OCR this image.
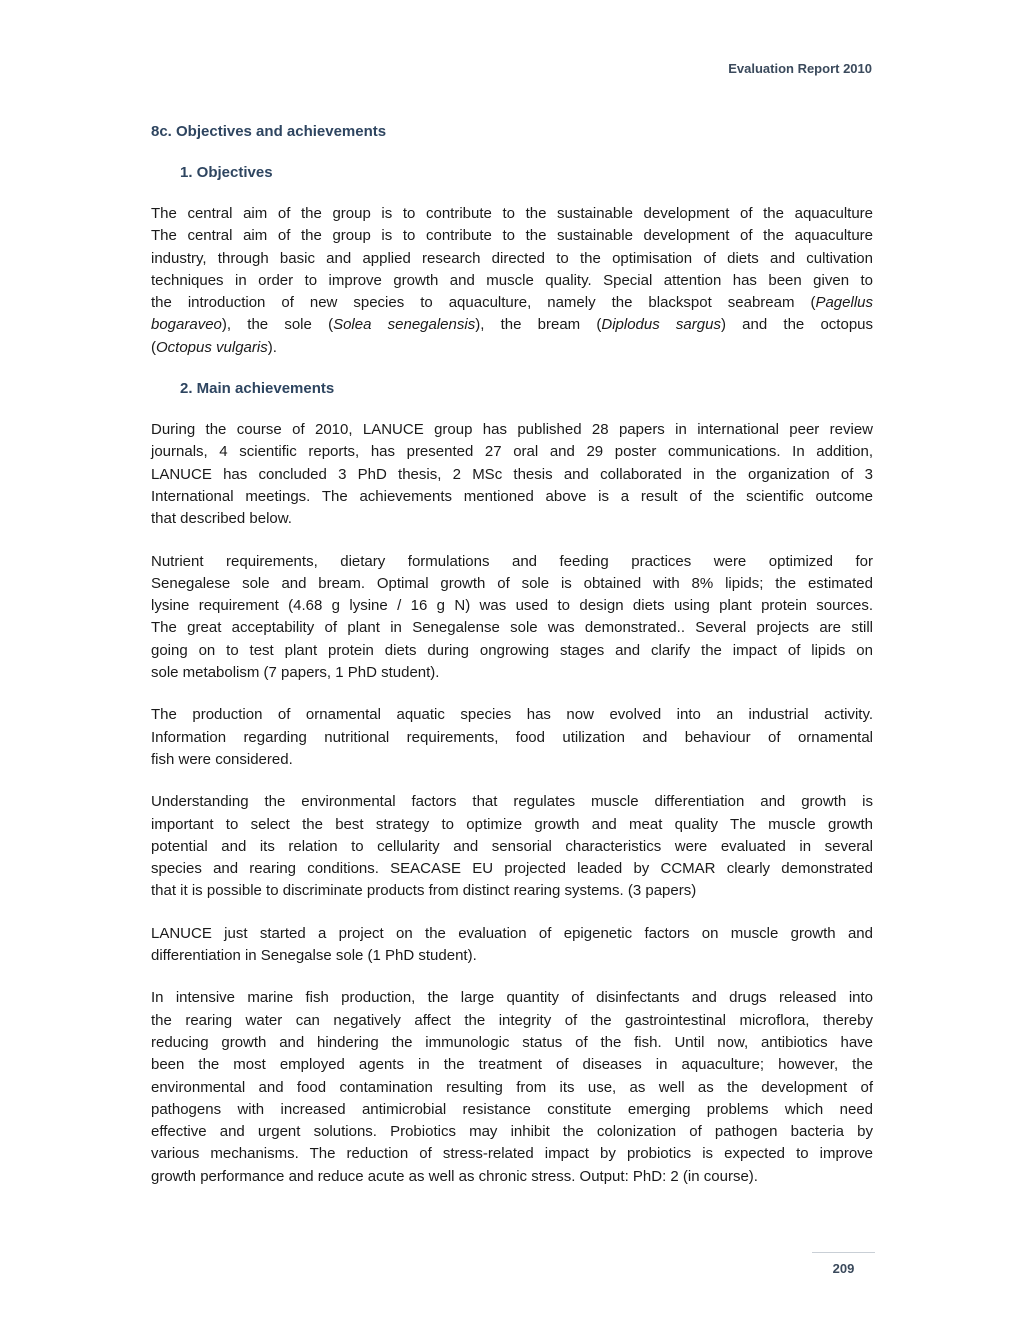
Evaluation Report 2010
8c. Objectives and achievements
1. Objectives
The central aim of the group is to contribute to the sustainable development of the aquaculture
The central aim of the group is to contribute to the sustainable development of the aquaculture
industry, through basic and applied research directed to the optimisation of diets and cultivation
techniques in order to improve growth and muscle quality. Special attention has been given to
the introduction of new species to aquaculture, namely the blackspot seabream (Pagellus
bogaraveo), the sole (Solea senegalensis), the bream (Diplodus sargus) and the octopus
(Octopus vulgaris).
2. Main achievements
During the course of 2010, LANUCE group has published 28 papers in international peer review
journals, 4 scientific reports, has presented 27 oral and 29 poster communications. In addition,
LANUCE has concluded 3 PhD thesis, 2 MSc thesis and collaborated in the organization of 3
International meetings. The achievements mentioned above is a result of the scientific outcome
that described below.
Nutrient requirements, dietary formulations and feeding practices were optimized for
Senegalese sole and bream. Optimal growth of sole is obtained with 8% lipids; the estimated
lysine requirement (4.68 g lysine / 16 g N) was used to design diets using plant protein sources.
The great acceptability of plant in Senegalense sole was demonstrated.. Several projects are still
going on to test plant protein diets during ongrowing stages and clarify the impact of lipids on
sole metabolism (7 papers, 1 PhD student).
The production of ornamental aquatic species has now evolved into an industrial activity.
Information regarding nutritional requirements, food utilization and behaviour of ornamental
fish were considered.
Understanding the environmental factors that regulates muscle differentiation and growth is
important to select the best strategy to optimize growth and meat quality The muscle growth
potential and its relation to cellularity and sensorial characteristics were evaluated in several
species and rearing conditions. SEACASE EU projected leaded by CCMAR clearly demonstrated
that it is possible to discriminate products from distinct rearing systems. (3 papers)
LANUCE just started a project on the evaluation of epigenetic factors on muscle growth and
differentiation in Senegalse sole (1 PhD student).
In intensive marine fish production, the large quantity of disinfectants and drugs released into
the rearing water can negatively affect the integrity of the gastrointestinal microflora, thereby
reducing growth and hindering the immunologic status of the fish. Until now, antibiotics have
been the most employed agents in the treatment of diseases in aquaculture; however, the
environmental and food contamination resulting from its use, as well as the development of
pathogens with increased antimicrobial resistance constitute emerging problems which need
effective and urgent solutions. Probiotics may inhibit the colonization of pathogen bacteria by
various mechanisms. The reduction of stress-related impact by probiotics is expected to improve
growth performance and reduce acute as well as chronic stress. Output: PhD: 2 (in course).
209
